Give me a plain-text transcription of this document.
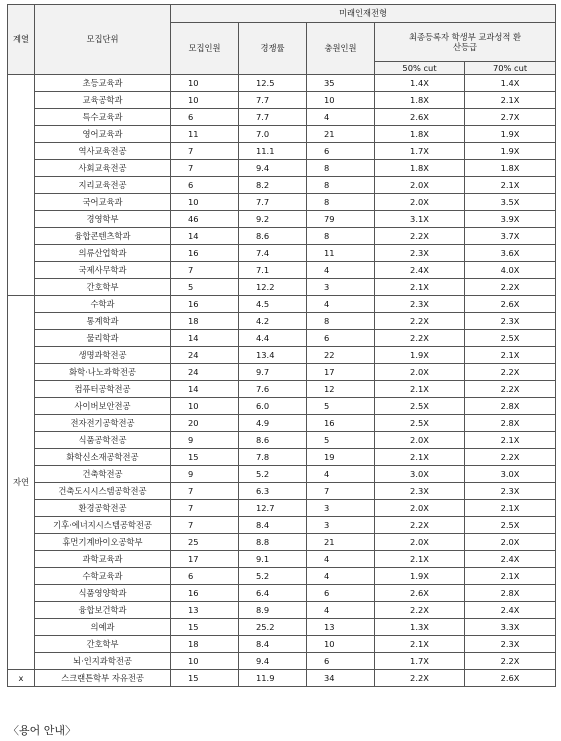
계열	모집단위	미래인재전형				
		모집인원	경쟁률	충원인원	최종등록자 학생부 교과성적 환산등급	
					50% cut	70% cut
	초등교육과	10	12.5	35	1.4X	1.4X
	교육공학과	10	7.7	10	1.8X	2.1X
	특수교육과	6	7.7	4	2.6X	2.7X
	영어교육과	11	7.0	21	1.8X	1.9X
	역사교육전공	7	11.1	6	1.7X	1.9X
	사회교육전공	7	9.4	8	1.8X	1.8X
	지리교육전공	6	8.2	8	2.0X	2.1X
	국어교육과	10	7.7	8	2.0X	3.5X
	경영학부	46	9.2	79	3.1X	3.9X
	융합콘텐츠학과	14	8.6	8	2.2X	3.7X
	의류산업학과	16	7.4	11	2.3X	3.6X
	국제사무학과	7	7.1	4	2.4X	4.0X
	간호학부	5	12.2	3	2.1X	2.2X
자연	수학과	16	4.5	4	2.3X	2.6X
	통계학과	18	4.2	8	2.2X	2.3X
	물리학과	14	4.4	6	2.2X	2.5X
	생명과학전공	24	13.4	22	1.9X	2.1X
	화학·나노과학전공	24	9.7	17	2.0X	2.2X
	컴퓨터공학전공	14	7.6	12	2.1X	2.2X
	사이버보안전공	10	6.0	5	2.5X	2.8X
	전자전기공학전공	20	4.9	16	2.5X	2.8X
	식품공학전공	9	8.6	5	2.0X	2.1X
	화학신소재공학전공	15	7.8	19	2.1X	2.2X
	건축학전공	9	5.2	4	3.0X	3.0X
	건축도시시스템공학전공	7	6.3	7	2.3X	2.3X
	환경공학전공	7	12.7	3	2.0X	2.1X
	기후·에너지시스템공학전공	7	8.4	3	2.2X	2.5X
	휴먼기계바이오공학부	25	8.8	21	2.0X	2.0X
	과학교육과	17	9.1	4	2.1X	2.4X
	수학교육과	6	5.2	4	1.9X	2.1X
	식품영양학과	16	6.4	6	2.6X	2.8X
	융합보건학과	13	8.9	4	2.2X	2.4X
	의예과	15	25.2	13	1.3X	3.3X
	간호학부	18	8.4	10	2.1X	2.3X
	뇌·인지과학전공	10	9.4	6	1.7X	2.2X
x	스크랜튼학부 자유전공	15	11.9	34	2.2X	2.6X
〈용어 안내〉
